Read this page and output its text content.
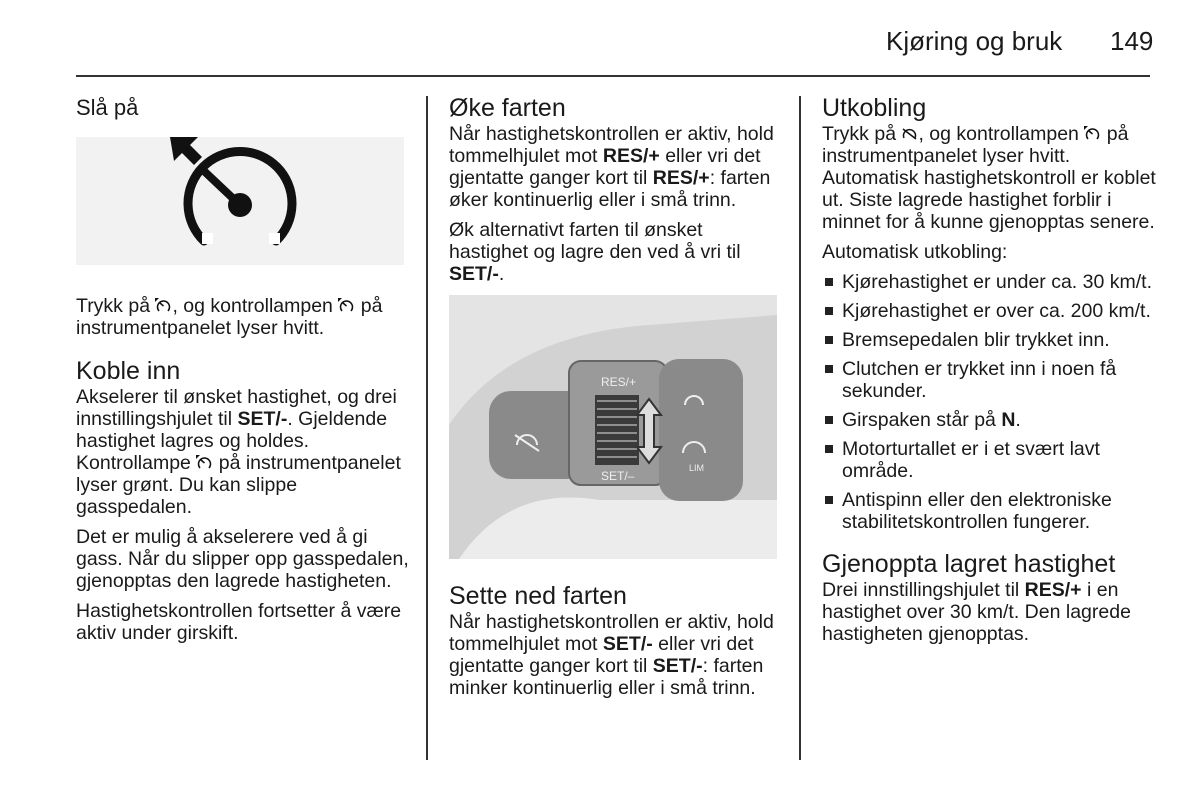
Kjøring og bruk 149
Slå på

Trykk på , og kontrollampen  på instrumentpanelet lyser hvitt.

Koble inn

Akselerer til ønsket hastighet, og drei innstillingshjulet til SET/-. Gjeldende hastighet lagres og holdes. Kontrollampe  på instrumentpanelet lyser grønt. Du kan slippe gasspedalen.

Det er mulig å akselerere ved å gi gass. Når du slipper opp gasspedalen, gjenopptas den lagrede hastigheten.

Hastighetskontrollen fortsetter å være aktiv under girskift.

Øke farten

Når hastighetskontrollen er aktiv, hold tommelhjulet mot RES/+ eller vri det gjentatte ganger kort til RES/+: farten øker kontinuerlig eller i små trinn.

Øk alternativt farten til ønsket hastighet og lagre den ved å vri til SET/-.

RES/+
SET/–
LIM
Sette ned farten

Når hastighetskontrollen er aktiv, hold tommelhjulet mot SET/- eller vri det gjentatte ganger kort til SET/-: farten minker kontinuerlig eller i små trinn.

Utkobling

Trykk på , og kontrollampen  på instrumentpanelet lyser hvitt. Automatisk hastighetskontroll er koblet ut. Siste lagrede hastighet forblir i minnet for å kunne gjenopptas senere.

Automatisk utkobling:

Kjørehastighet er under ca. 30 km/t.
Kjørehastighet er over ca. 200 km/t.
Bremsepedalen blir trykket inn.
Clutchen er trykket inn i noen få sekunder.
Girspaken står på N.
Motorturtallet er i et svært lavt område.
Antispinn eller den elektroniske stabilitetskontrollen fungerer.
Gjenoppta lagret hastighet

Drei innstillingshjulet til RES/+ i en hastighet over 30 km/t. Den lagrede hastigheten gjenopptas.
